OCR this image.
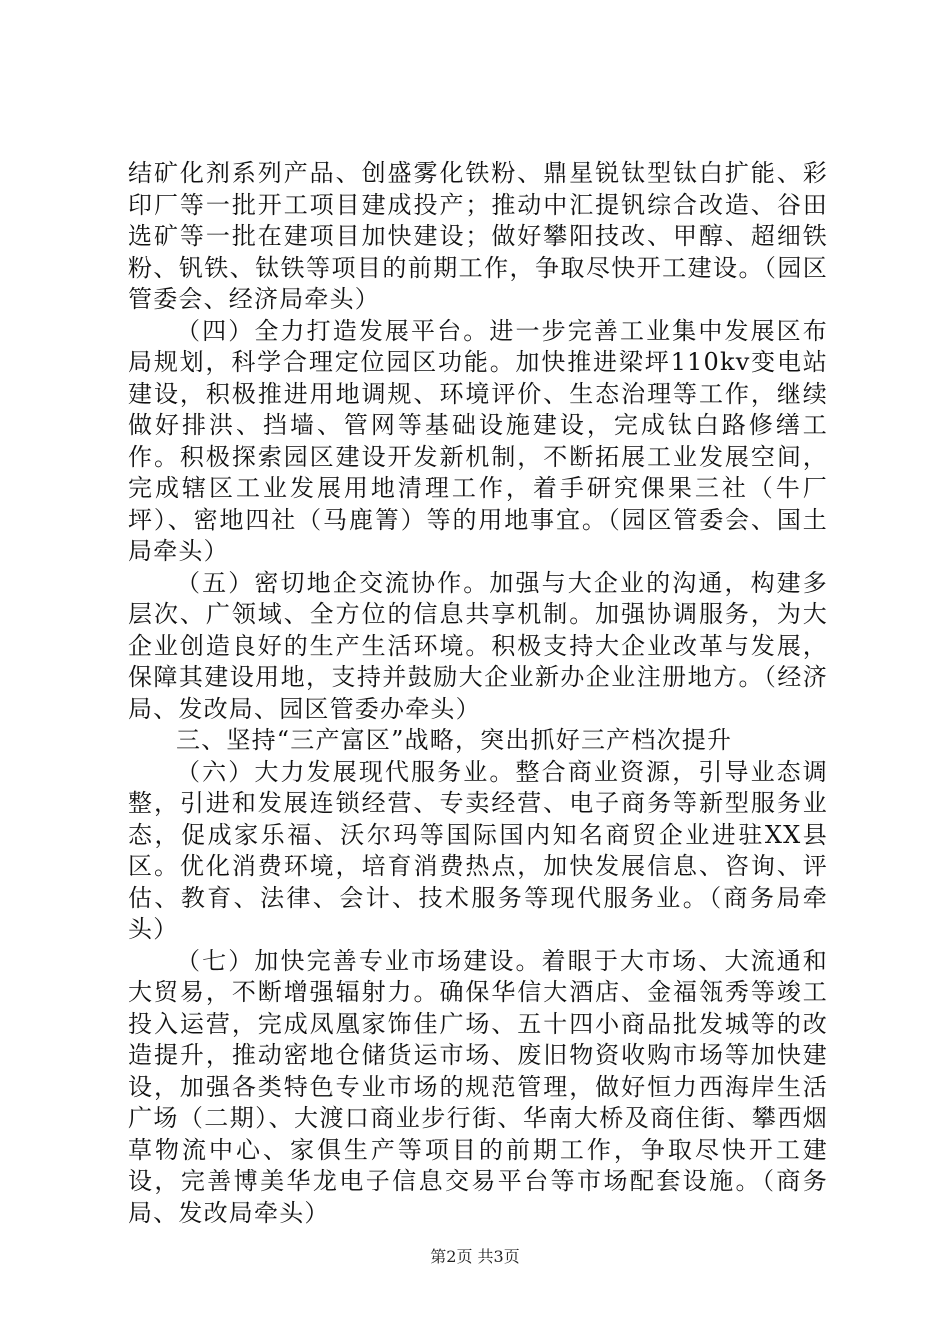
结矿化剂系列产品、创盛雾化铁粉、鼎星锐钛型钛白扩能、彩印厂等一批开工项目建成投产；推动中汇提钒综合改造、谷田选矿等一批在建项目加快建设；做好攀阳技改、甲醇、超细铁粉、钒铁、钛铁等项目的前期工作，争取尽快开工建设。（园区管委会、经济局牵头）

（四）全力打造发展平台。进一步完善工业集中发展区布局规划，科学合理定位园区功能。加快推进梁坪110kv变电站建设，积极推进用地调规、环境评价、生态治理等工作，继续做好排洪、挡墙、管网等基础设施建设，完成钛白路修缮工作。积极探索园区建设开发新机制，不断拓展工业发展空间，完成辖区工业发展用地清理工作，着手研究倮果三社（牛厂坪）、密地四社（马鹿箐）等的用地事宜。（园区管委会、国土局牵头）

（五）密切地企交流协作。加强与大企业的沟通，构建多层次、广领域、全方位的信息共享机制。加强协调服务，为大企业创造良好的生产生活环境。积极支持大企业改革与发展，保障其建设用地，支持并鼓励大企业新办企业注册地方。（经济局、发改局、园区管委办牵头）

三、坚持“三产富区”战略，突出抓好三产档次提升

（六）大力发展现代服务业。整合商业资源，引导业态调整，引进和发展连锁经营、专卖经营、电子商务等新型服务业态，促成家乐福、沃尔玛等国际国内知名商贸企业进驻XX县区。优化消费环境，培育消费热点，加快发展信息、咨询、评估、教育、法律、会计、技术服务等现代服务业。（商务局牵头）

（七）加快完善专业市场建设。着眼于大市场、大流通和大贸易，不断增强辐射力。确保华信大酒店、金福瓴秀等竣工投入运营，完成凤凰家饰佳广场、五十四小商品批发城等的改造提升，推动密地仓储货运市场、废旧物资收购市场等加快建设，加强各类特色专业市场的规范管理，做好恒力西海岸生活广场（二期）、大渡口商业步行街、华南大桥及商住街、攀西烟草物流中心、家俱生产等项目的前期工作，争取尽快开工建设，完善博美华龙电子信息交易平台等市场配套设施。（商务局、发改局牵头）

第2页 共3页
